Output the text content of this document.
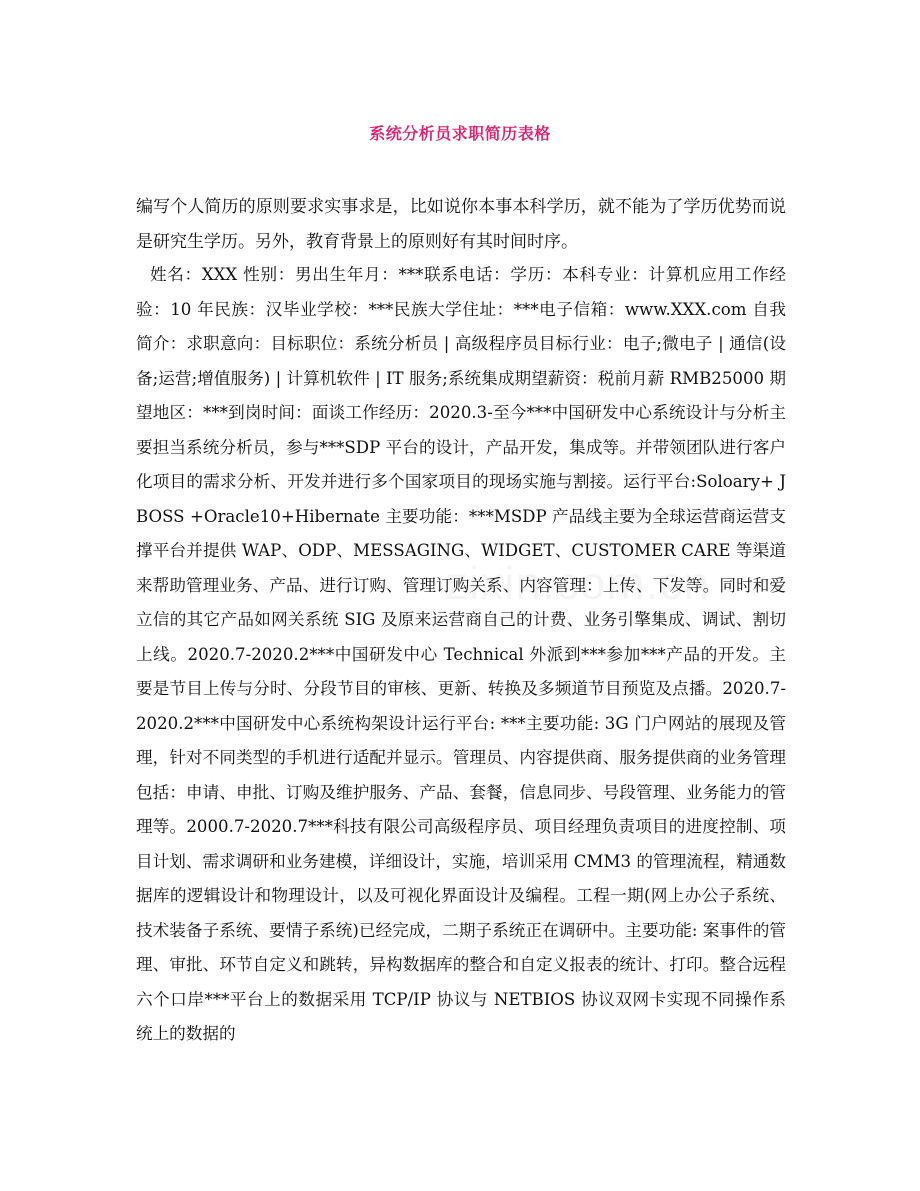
系统分析员求职简历表格
编写个人简历的原则要求实事求是，比如说你本事本科学历，就不能为了学历优势而说是研究生学历。另外，教育背景上的原则好有其时间时序。
姓名：XXX 性别：男出生年月：***联系电话：学历：本科专业：计算机应用工作经验：10 年民族：汉毕业学校：***民族大学住址：***电子信箱：www.XXX.com 自我简介：求职意向：目标职位：系统分析员 | 高级程序员目标行业：电子;微电子 | 通信(设备;运营;增值服务) | 计算机软件 | IT 服务;系统集成期望薪资：税前月薪 RMB25000 期望地区：***到岗时间：面谈工作经历：2020.3-至今***中国研发中心系统设计与分析主要担当系统分析员，参与***SDP 平台的设计，产品开发，集成等。并带领团队进行客户化项目的需求分析、开发并进行多个国家项目的现场实施与割接。运行平台:Soloary+ JBOSS +Oracle10+Hibernate 主要功能：***MSDP 产品线主要为全球运营商运营支撑平台并提供 WAP、ODP、MESSAGING、WIDGET、CUSTOMER CARE 等渠道来帮助管理业务、产品、进行订购、管理订购关系、内容管理：上传、下发等。同时和爱立信的其它产品如网关系统 SIG 及原来运营商自己的计费、业务引擎集成、调试、割切上线。2020.7-2020.2***中国研发中心 Technical 外派到***参加***产品的开发。主要是节目上传与分时、分段节目的审核、更新、转换及多频道节目预览及点播。2020.7-2020.2***中国研发中心系统构架设计运行平台: ***主要功能: 3G 门户网站的展现及管理，针对不同类型的手机进行适配并显示。管理员、内容提供商、服务提供商的业务管理包括：申请、申批、订购及维护服务、产品、套餐，信息同步、号段管理、业务能力的管理等。2000.7-2020.7***科技有限公司高级程序员、项目经理负责项目的进度控制、项目计划、需求调研和业务建模，详细设计，实施，培训采用 CMM3 的管理流程，精通数据库的逻辑设计和物理设计，以及可视化界面设计及编程。工程一期(网上办公子系统、技术装备子系统、要情子系统)已经完成，二期子系统正在调研中。主要功能: 案事件的管理、审批、环节自定义和跳转，异构数据库的整合和自定义报表的统计、打印。整合远程六个口岸***平台上的数据采用 TCP/IP 协议与 NETBIOS 协议双网卡实现不同操作系统上的数据的
